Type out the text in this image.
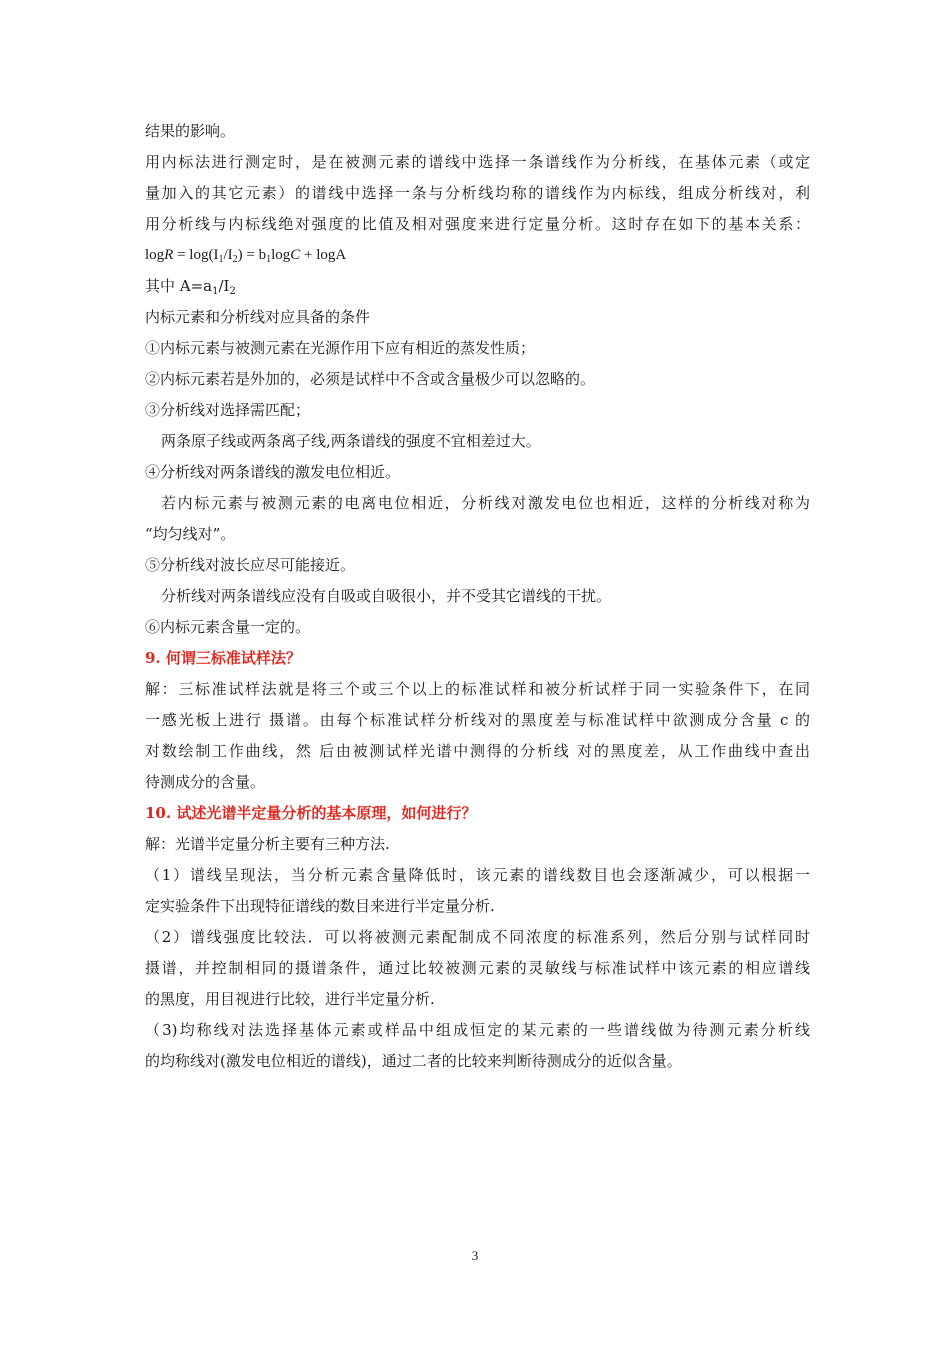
结果的影响。
用内标法进行测定时，是在被测元素的谱线中选择一条谱线作为分析线，在基体元素（或定
量加入的其它元素）的谱线中选择一条与分析线均称的谱线作为内标线，组成分析线对，利
用分析线与内标线绝对强度的比值及相对强度来进行定量分析。这时存在如下的基本关系：
$\log R = \log(I_1/I_2) = b_1\log C + \log A$
其中 $A=a_1/I_2$
内标元素和分析线对应具备的条件
①内标元素与被测元素在光源作用下应有相近的蒸发性质；
②内标元素若是外加的，必须是试样中不含或含量极少可以忽略的。
③分析线对选择需匹配；
两条原子线或两条离子线,两条谱线的强度不宜相差过大。
④分析线对两条谱线的激发电位相近。
若内标元素与被测元素的电离电位相近，分析线对激发电位也相近，这样的分析线对称为
“均匀线对”。
⑤分析线对波长应尽可能接近。
分析线对两条谱线应没有自吸或自吸很小，并不受其它谱线的干扰。
⑥内标元素含量一定的。
9. 何谓三标准试样法？
解：三标准试样法就是将三个或三个以上的标准试样和被分析试样于同一实验条件下，在同
一感光板上进行 摄谱。由每个标准试样分析线对的黑度差与标准试样中欲测成分含量 c 的
对数绘制工作曲线，然 后由被测试样光谱中测得的分析线 对的黑度差，从工作曲线中查出
待测成分的含量。
10. 试述光谱半定量分析的基本原理，如何进行？
解：光谱半定量分析主要有三种方法.
（1）谱线呈现法，当分析元素含量降低时，该元素的谱线数目也会逐渐减少，可以根据一
定实验条件下出现特征谱线的数目来进行半定量分析.
（2）谱线强度比较法．可以将被测元素配制成不同浓度的标准系列，然后分别与试样同时
摄谱，并控制相同的摄谱条件，通过比较被测元素的灵敏线与标准试样中该元素的相应谱线
的黑度，用目视进行比较，进行半定量分析.
（3)均称线对法选择基体元素或样品中组成恒定的某元素的一些谱线做为待测元素分析线
的均称线对(激发电位相近的谱线)，通过二者的比较来判断待测成分的近似含量。
3
